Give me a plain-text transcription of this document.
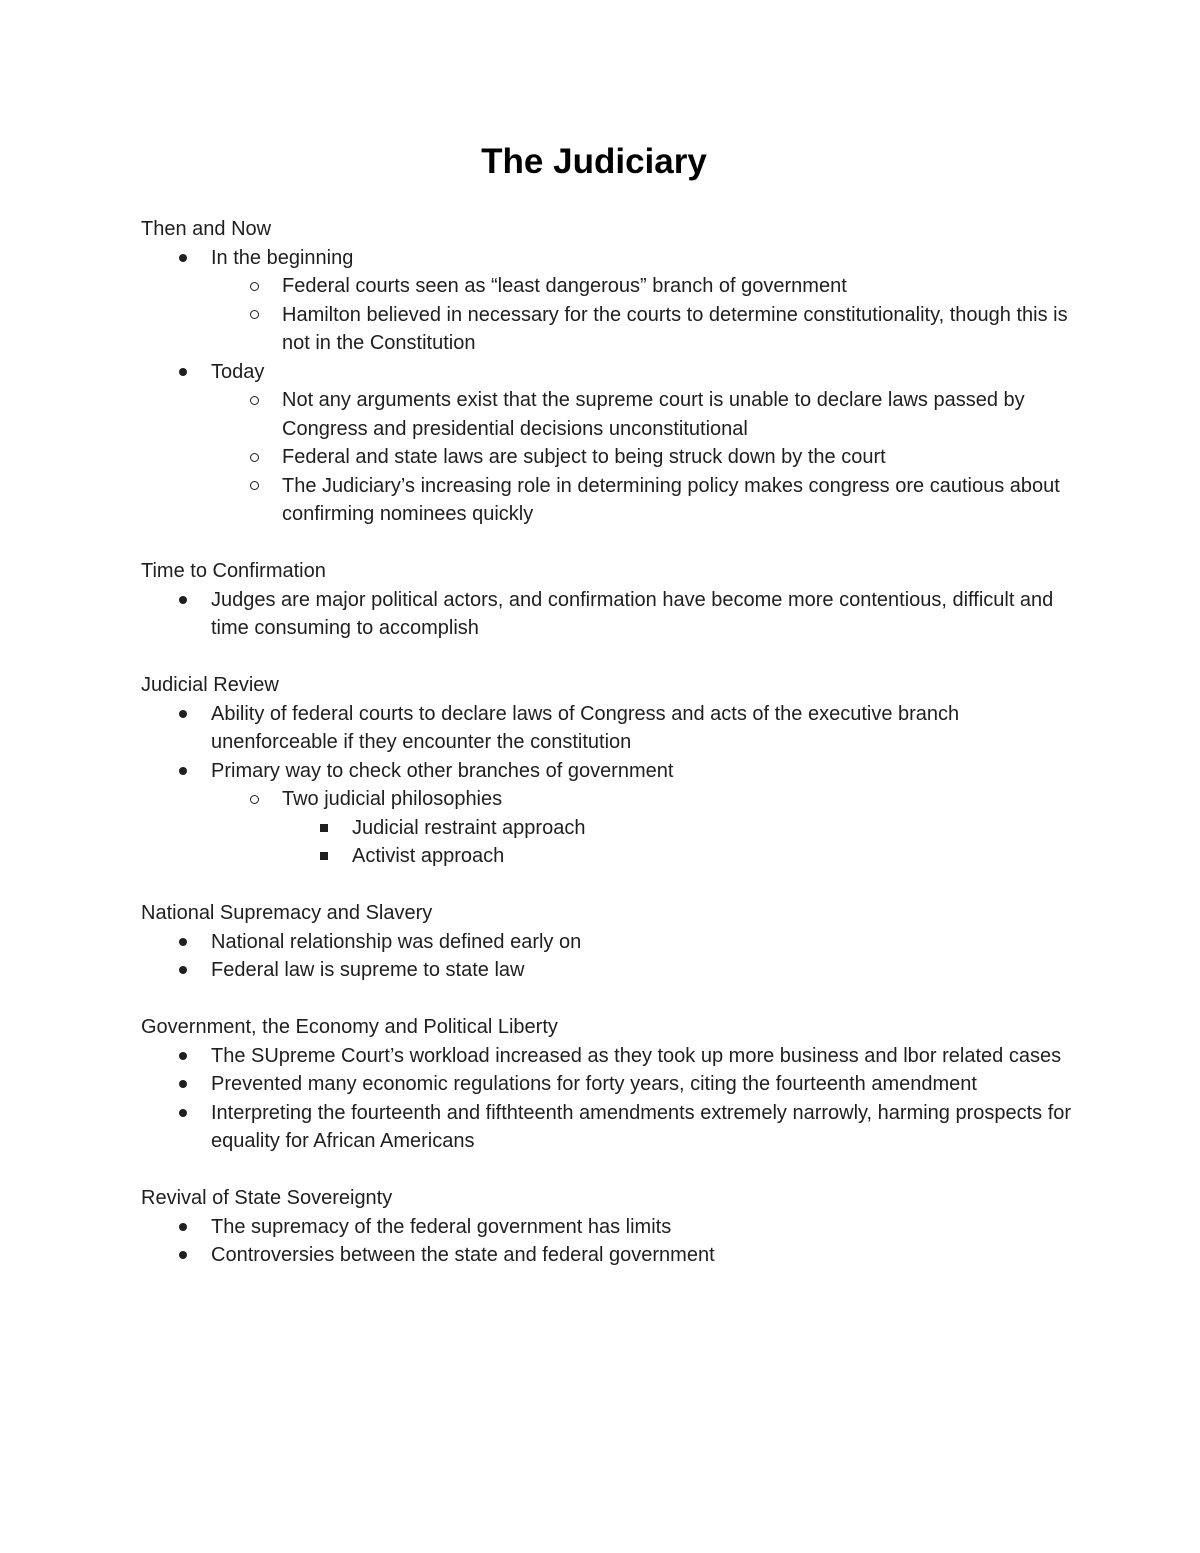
The Judiciary
Then and Now
In the beginning
Federal courts seen as “least dangerous” branch of government
Hamilton believed in necessary for the courts to determine constitutionality, though this is not in the Constitution
Today
Not any arguments exist that the supreme court is unable to declare laws passed by Congress and presidential decisions unconstitutional
Federal and state laws are subject to being struck down by the court
The Judiciary’s increasing role in determining policy makes congress ore cautious about confirming nominees quickly
Time to Confirmation
Judges are major political actors, and confirmation have become more contentious, difficult and time consuming to accomplish
Judicial Review
Ability of federal courts to declare laws of Congress and acts of the executive branch unenforceable if they encounter the constitution
Primary way to check other branches of government
Two judicial philosophies
Judicial restraint approach
Activist approach
National Supremacy and Slavery
National relationship was defined early on
Federal law is supreme to state law
Government, the Economy and Political Liberty
The SUpreme Court’s workload increased as they took up more business and lbor related cases
Prevented many economic regulations for forty years, citing the fourteenth amendment
Interpreting the fourteenth and fifthteenth amendments extremely narrowly, harming prospects for equality for African Americans
Revival of State Sovereignty
The supremacy of the federal government has limits
Controversies between the state and federal government
